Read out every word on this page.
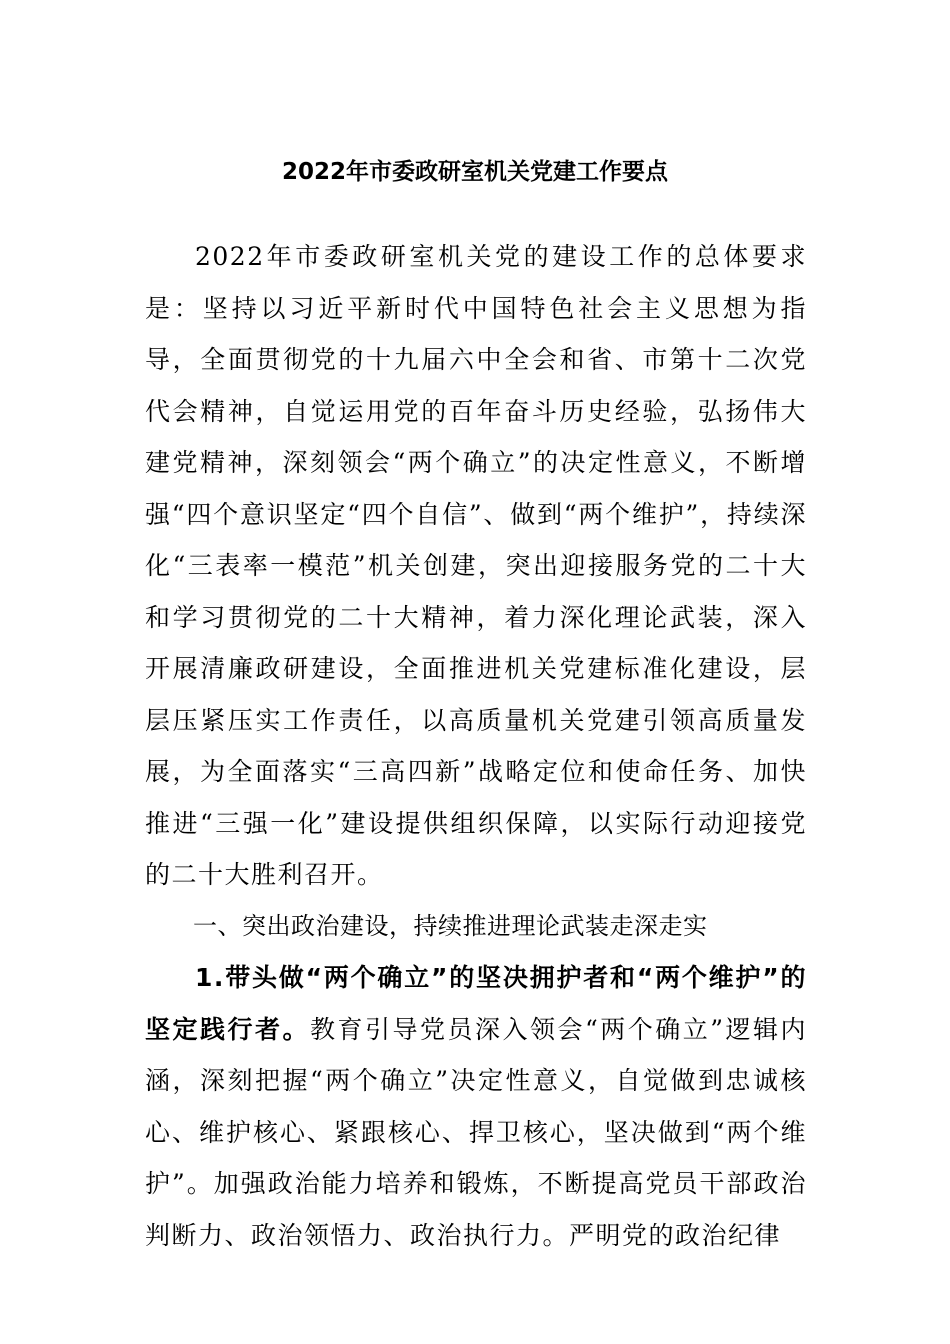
2022年市委政研室机关党建工作要点

2022年市委政研室机关党的建设工作的总体要求是：坚持以习近平新时代中国特色社会主义思想为指导，全面贯彻党的十九届六中全会和省、市第十二次党代会精神，自觉运用党的百年奋斗历史经验，弘扬伟大建党精神，深刻领会“两个确立”的决定性意义，不断增强“四个意识坚定“四个自信”、做到“两个维护”，持续深化“三表率一模范”机关创建，突出迎接服务党的二十大和学习贯彻党的二十大精神，着力深化理论武装，深入开展清廉政研建设，全面推进机关党建标准化建设，层层压紧压实工作责任，以高质量机关党建引领高质量发展，为全面落实“三高四新”战略定位和使命任务、加快推进“三强一化”建设提供组织保障，以实际行动迎接党的二十大胜利召开。

一、突出政治建设，持续推进理论武装走深走实

1.带头做“两个确立”的坚决拥护者和“两个维护”的坚定践行者。教育引导党员深入领会“两个确立”逻辑内涵，深刻把握“两个确立”决定性意义，自觉做到忠诚核心、维护核心、紧跟核心、捍卫核心，坚决做到“两个维护”。加强政治能力培养和锻炼，不断提高党员干部政治判断力、政治领悟力、政治执行力。严明党的政治纪律
